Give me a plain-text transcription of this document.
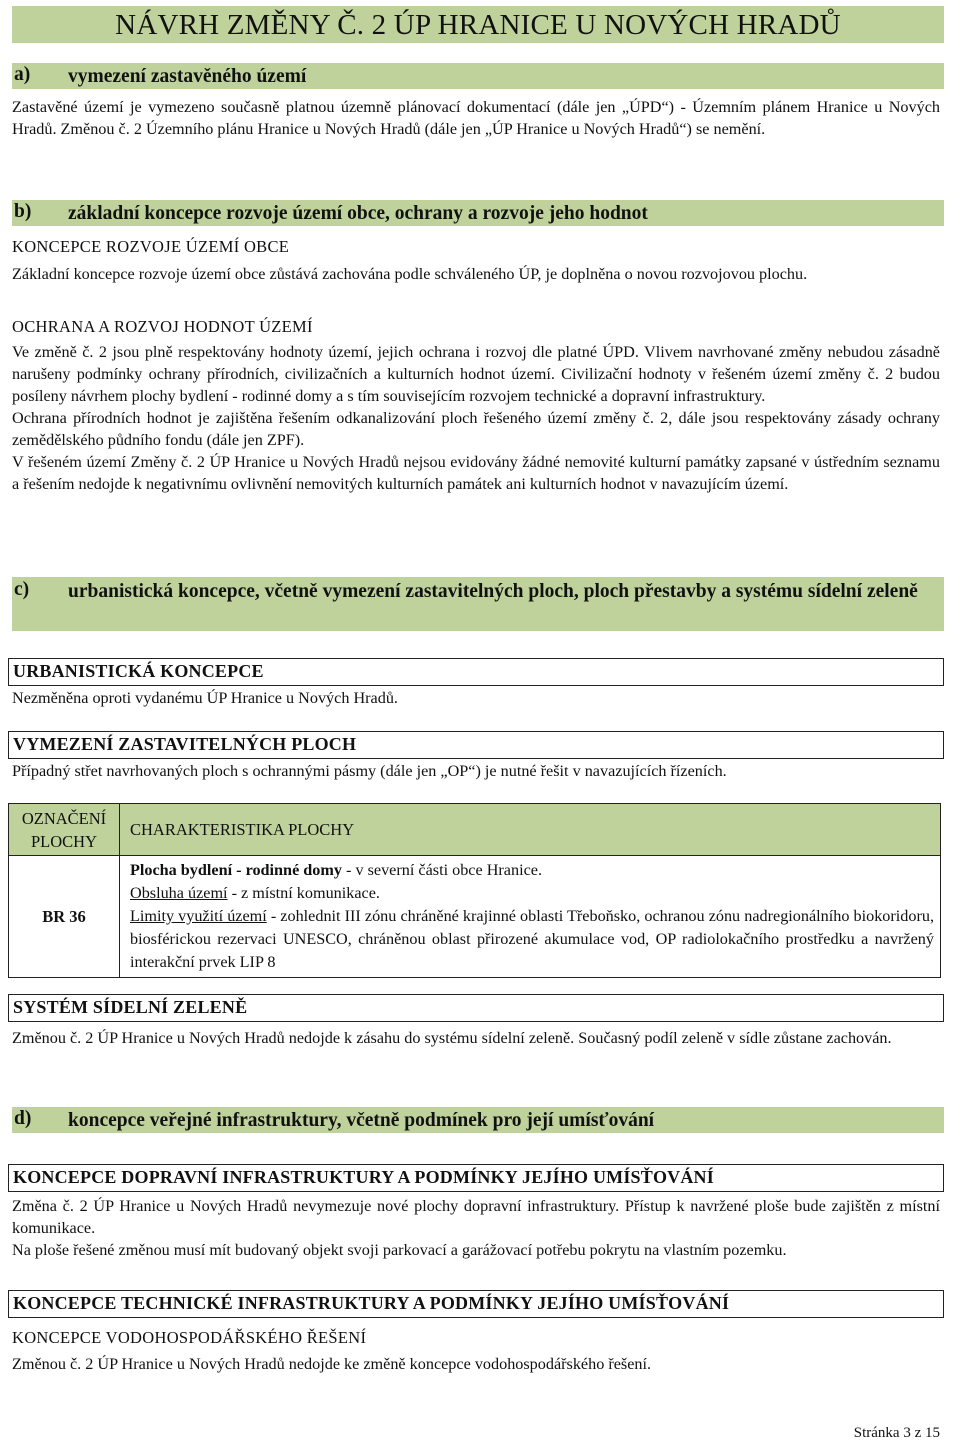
NÁVRH ZMĚNY Č. 2 ÚP HRANICE U NOVÝCH HRADŮ
a) vymezení zastavěného území

Zastavěné území je vymezeno současně platnou územně plánovací dokumentací (dále jen „ÚPD“) - Územním plánem Hranice u Nových Hradů. Změnou č. 2 Územního plánu Hranice u Nových Hradů (dále jen „ÚP Hranice u Nových Hradů“) se nemění.

b) základní koncepce rozvoje území obce, ochrany a rozvoje jeho hodnot
KONCEPCE ROZVOJE ÚZEMÍ OBCE

Základní koncepce rozvoje území obce zůstává zachována podle schváleného ÚP, je doplněna o novou rozvojovou plochu.

OCHRANA A ROZVOJ HODNOT ÚZEMÍ

Ve změně č. 2 jsou plně respektovány hodnoty území, jejich ochrana i rozvoj dle platné ÚPD. Vlivem navrhované změny nebudou zásadně narušeny podmínky ochrany přírodních, civilizačních a kulturních hodnot území. Civilizační hodnoty v řešeném území změny č. 2 budou posíleny návrhem plochy bydlení - rodinné domy a s tím souvisejícím rozvojem technické a dopravní infrastruktury.

Ochrana přírodních hodnot je zajištěna řešením odkanalizování ploch řešeného území změny č. 2, dále jsou respektovány zásady ochrany zemědělského půdního fondu (dále jen ZPF).

V řešeném území Změny č. 2 ÚP Hranice u Nových Hradů nejsou evidovány žádné nemovité kulturní památky zapsané v ústředním seznamu a řešením nedojde k negativnímu ovlivnění nemovitých kulturních památek ani kulturních hodnot v navazujícím území.

c) urbanistická koncepce, včetně vymezení zastavitelných ploch, ploch přestavby a systému sídelní zeleně
URBANISTICKÁ KONCEPCE

Nezměněna oproti vydanému ÚP Hranice u Nových Hradů.

VYMEZENÍ ZASTAVITELNÝCH PLOCH

Případný střet navrhovaných ploch s ochrannými pásmy (dále jen „OP“) je nutné řešit v navazujících řízeních.

OZNAČENÍ PLOCHY	CHARAKTERISTIKA PLOCHY
BR 36	Plocha bydlení - rodinné domy - v severní části obce Hranice.
Obsluha území - z místní komunikace.
Limity využití území - zohlednit III zónu chráněné krajinné oblasti Třeboňsko, ochranou zónu nadregionálního biokoridoru, biosférickou rezervaci UNESCO, chráněnou oblast přirozené akumulace vod, OP radiolokačního prostředku a navržený interakční prvek LIP 8
SYSTÉM SÍDELNÍ ZELENĚ

Změnou č. 2 ÚP Hranice u Nových Hradů nedojde k zásahu do systému sídelní zeleně. Současný podíl zeleně v sídle zůstane zachován.

d) koncepce veřejné infrastruktury, včetně podmínek pro její umísťování
KONCEPCE DOPRAVNÍ INFRASTRUKTURY A PODMÍNKY JEJÍHO UMÍSŤOVÁNÍ

Změna č. 2 ÚP Hranice u Nových Hradů nevymezuje nové plochy dopravní infrastruktury. Přístup k navržené ploše bude zajištěn z místní komunikace.

Na ploše řešené změnou musí mít budovaný objekt svoji parkovací a garážovací potřebu pokrytu na vlastním pozemku.

KONCEPCE TECHNICKÉ INFRASTRUKTURY A PODMÍNKY JEJÍHO UMÍSŤOVÁNÍ
KONCEPCE VODOHOSPODÁŘSKÉHO ŘEŠENÍ

Změnou č. 2 ÚP Hranice u Nových Hradů nedojde ke změně koncepce vodohospodářského řešení.

Stránka 3 z 15
